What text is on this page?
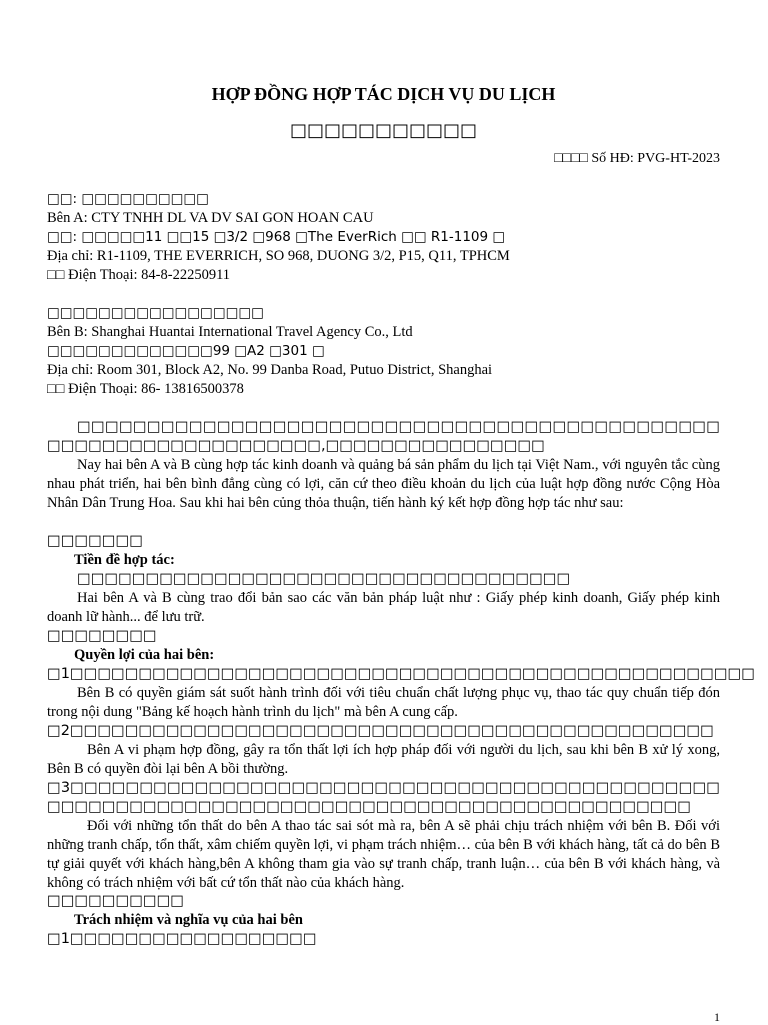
HỢP ĐỒNG HỢP TÁC DỊCH VỤ DU LỊCH
□□□□□□□□□□□
□□□□ Số HĐ: PVG-HT-2023
□□: □□□□□□□□□□
Bên A: CTY TNHH DL VA DV SAI GON HOAN CAU
□□: □□□□□11 □□15 □3/2 □968 □The EverRich □□ R1-1109 □
Địa chỉ: R1-1109, THE EVERRICH, SO 968, DUONG 3/2, P15, Q11, TPHCM
□□ Điện Thoại: 84-8-22250911
□□□□□□□□□□□□□□□□□
Bên B: Shanghai Huantai International Travel Agency Co., Ltd
□□□□□□□□□□□□□99 □A2 □301 □
Địa chỉ: Room 301, Block A2, No. 99 Danba Road, Putuo District, Shanghai
□□ Điện Thoại: 86- 13816500378
□□□□□□□□□□□□□□□□□□□□□□□□□□□□□□□□□□□□□□□□□□□□□□□□□□□□□□□□□□□□□□□□□□,□□□□□□□□□□□□□□□□
Nay hai bên A và B cùng hợp tác kinh doanh và quảng bá sản phẩm du lịch tại Việt Nam., với nguyên tắc cùng nhau phát triển, hai bên bình đẳng cùng có lợi, căn cứ theo điều khoản du lịch của luật hợp đồng nước Cộng Hòa Nhân Dân Trung Hoa. Sau khi hai bên củng thỏa thuận, tiến hành ký kết hợp đồng hợp tác như sau:
□□□□□□□
Tiền đề hợp tác:
□□□□□□□□□□□□□□□□□□□□□□□□□□□□□□□□□□□□
Hai bên A và B cùng trao đổi bản sao các văn bản pháp luật như : Giấy phép kinh doanh, Giấy phép kinh doanh lữ hành... để lưu trữ.
□□□□□□□□
Quyền lợi của hai bên:
□1□□□□□□□□□□□□□□□□□□□□□□□□□□□□□□□□□□□□□□□□□□□□□□□□□□
Bên B có quyền giám sát suốt hành trình đối với tiêu chuẩn chất lượng phục vụ, thao tác quy chuẩn tiếp đón trong nội dung "Bảng kế hoạch hành trình du lịch" mà bên A cung cấp.
□2□□□□□□□□□□□□□□□□□□□□□□□□□□□□□□□□□□□□□□□□□□□□□□□
Bên A vi phạm hợp đồng, gây ra tổn thất lợi ích hợp pháp đối với người du lịch, sau khi bên B xử lý xong, Bên B có quyền đòi lại bên A bồi thường.
□3□□□□□□□□□□□□□□□□□□□□□□□□□□□□□□□□□□□□□□□□□□□□□□□□□□□□□□□□□□□□□□□□□□□□□□□□□□□□□□□□□□□□□□□□□□□□□□
Đối với những tổn thất do bên A thao tác sai sót mà ra, bên A sẽ phải chịu trách nhiệm với bên B. Đối với những tranh chấp, tổn thất, xâm chiếm quyền lợi, vi phạm trách nhiệm… của bên B với khách hàng, tất cả do bên B tự giải quyết với khách hàng,bên A không tham gia vào sự tranh chấp, tranh luận… của bên B với khách hàng, và không có trách nhiệm với bất cứ tổn thất nào của khách hàng.
□□□□□□□□□□
Trách nhiệm và nghĩa vụ của hai bên
□1□□□□□□□□□□□□□□□□□□
1
